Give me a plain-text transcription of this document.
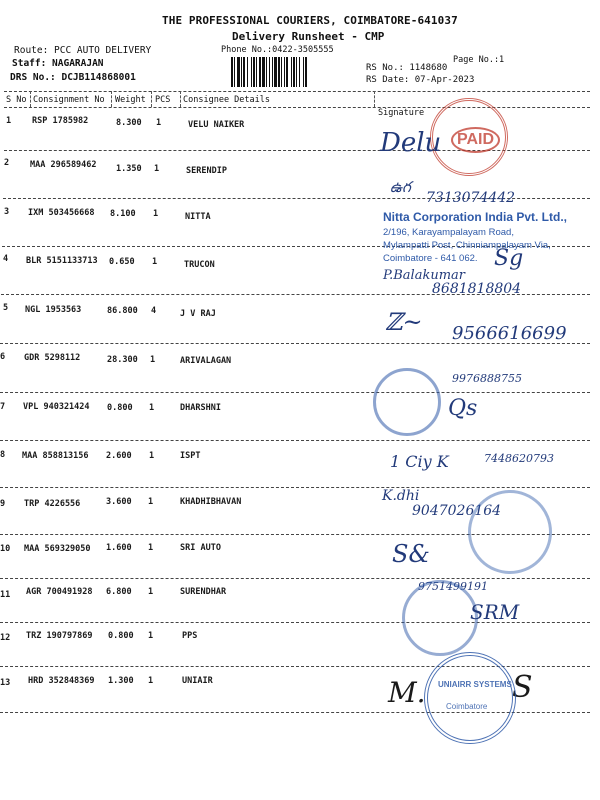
THE PROFESSIONAL COURIERS, COIMBATORE-641037
Delivery Runsheet - CMP
Phone No.:0422-3505555
Route: PCC AUTO DELIVERY
Staff: NAGARAJAN
DRS No.: DCJB114868001
Page No.:1
RS No.: 1148680
RS Date: 07-Apr-2023
S No Consignment No Weight PCS Consignee Details
Signature
1 RSP 1785982	8.300 1	VELU NAIKER
2 MAA 296589462 1.350 1	SERENDIP
3 IXM 503456668 8.100 1	NITTA
4 BLR 5151133713 0.650 1	TRUCON
5 NGL 1953563	86.800 4	J V RAJ
6 GDR 5298112	28.300 1	ARIVALAGAN
7 VPL 940321424 0.800 1	DHARSHNI
8 MAA 858813156 2.600 1	ISPT
9 TRP 4226556	3.600 1	KHADHIBHAVAN
10 MAA 569329050 1.600 1	SRI AUTO
11 AGR 700491928 6.800 1	SURENDHAR
12 TRZ 190797869 0.800 1	PPS
13 HRD 352848369 1.300 1	UNIAIR
PAID
Delu
ఉగ
7313074442
Nitta Corporation India Pvt. Ltd.,
2/196, Karayampalayam Road,
Mylampatti Post, Chinniampalayam Via,
Coimbatore - 641 062. Sg
P.Balakumar
8681818804
ℤ~ 9566616699
9976888755
Qs
1 Ciy K	7448620793
K.dhi
9047026164
S&
9751499191
SRM
M.	S
UNIAIRR SYSTEMS
Coimbatore
